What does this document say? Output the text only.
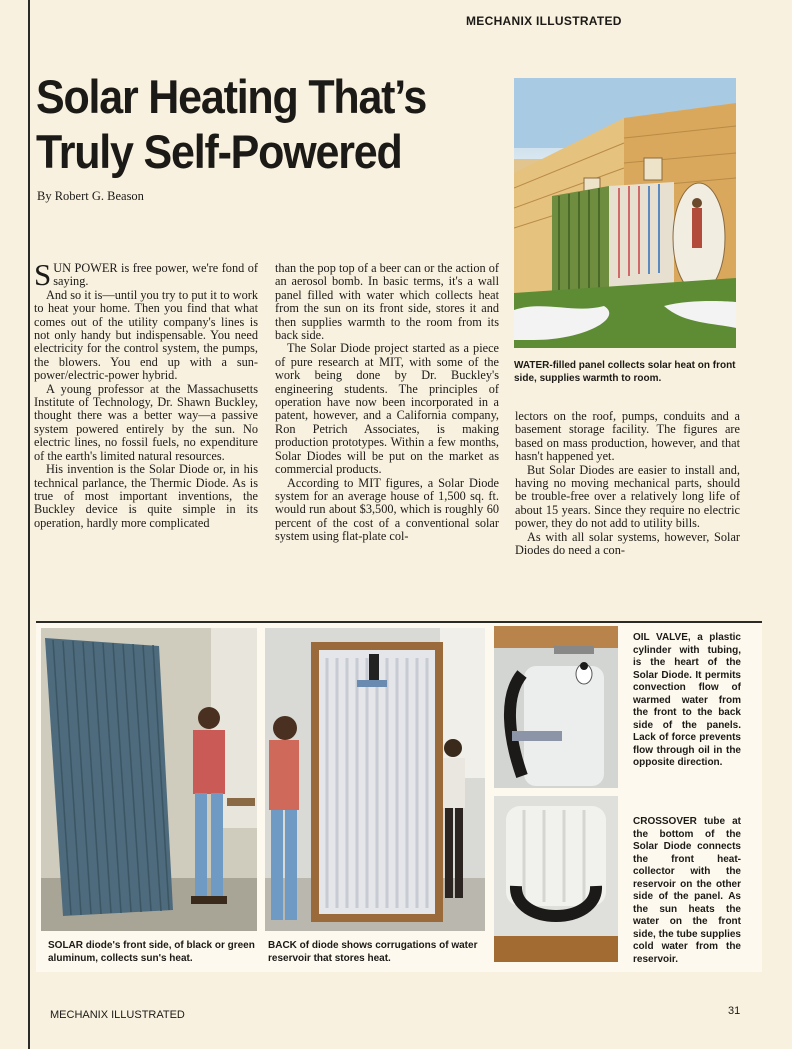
MECHANIX ILLUSTRATED
Solar Heating That’s Truly Self-Powered
By Robert G. Beason

SUN POWER is free power, we're fond of saying.

And so it is—until you try to put it to work to heat your home. Then you find that what comes out of the utility company's lines is not only handy but indispensable. You need electricity for the control system, the pumps, the blowers. You end up with a sun-power/electric-power hybrid.

A young professor at the Massachusetts Institute of Technology, Dr. Shawn Buckley, thought there was a better way—a passive system powered entirely by the sun. No electric lines, no fossil fuels, no expenditure of the earth's limited natural resources.

His invention is the Solar Diode or, in his technical parlance, the Thermic Diode. As is true of most important inventions, the Buckley device is quite simple in its operation, hardly more complicated

than the pop top of a beer can or the action of an aerosol bomb. In basic terms, it's a wall panel filled with water which collects heat from the sun on its front side, stores it and then supplies warmth to the room from its back side.

The Solar Diode project started as a piece of pure research at MIT, with some of the work being done by Dr. Buckley's engineering students. The principles of operation have now been incorporated in a patent, however, and a California company, Ron Petrich Associates, is making production prototypes. Within a few months, Solar Diodes will be put on the market as commercial products.

According to MIT figures, a Solar Diode system for an average house of 1,500 sq. ft. would run about $3,500, which is roughly 60 percent of the cost of a conventional solar system using flat-plate col-

lectors on the roof, pumps, conduits and a basement storage facility. The figures are based on mass production, however, and that hasn't happened yet.

But Solar Diodes are easier to install and, having no moving mechanical parts, should be trouble-free over a relatively long life of about 15 years. Since they require no electric power, they do not add to utility bills.

As with all solar systems, however, Solar Diodes do need a con-

WATER-filled panel collects solar heat on front side, supplies warmth to room.
SOLAR diode's front side, of black or green aluminum, collects sun's heat.
BACK of diode shows corrugations of water reservoir that stores heat.
OIL VALVE, a plastic cylinder with tubing, is the heart of the Solar Diode. It permits convection flow of warmed water from the front to the back side of the panels. Lack of force prevents flow through oil in the opposite direction.
CROSSOVER tube at the bottom of the Solar Diode connects the front heat-collector with the reservoir on the other side of the panel. As the sun heats the water on the front side, the tube supplies cold water from the reservoir.
MECHANIX ILLUSTRATED	31
